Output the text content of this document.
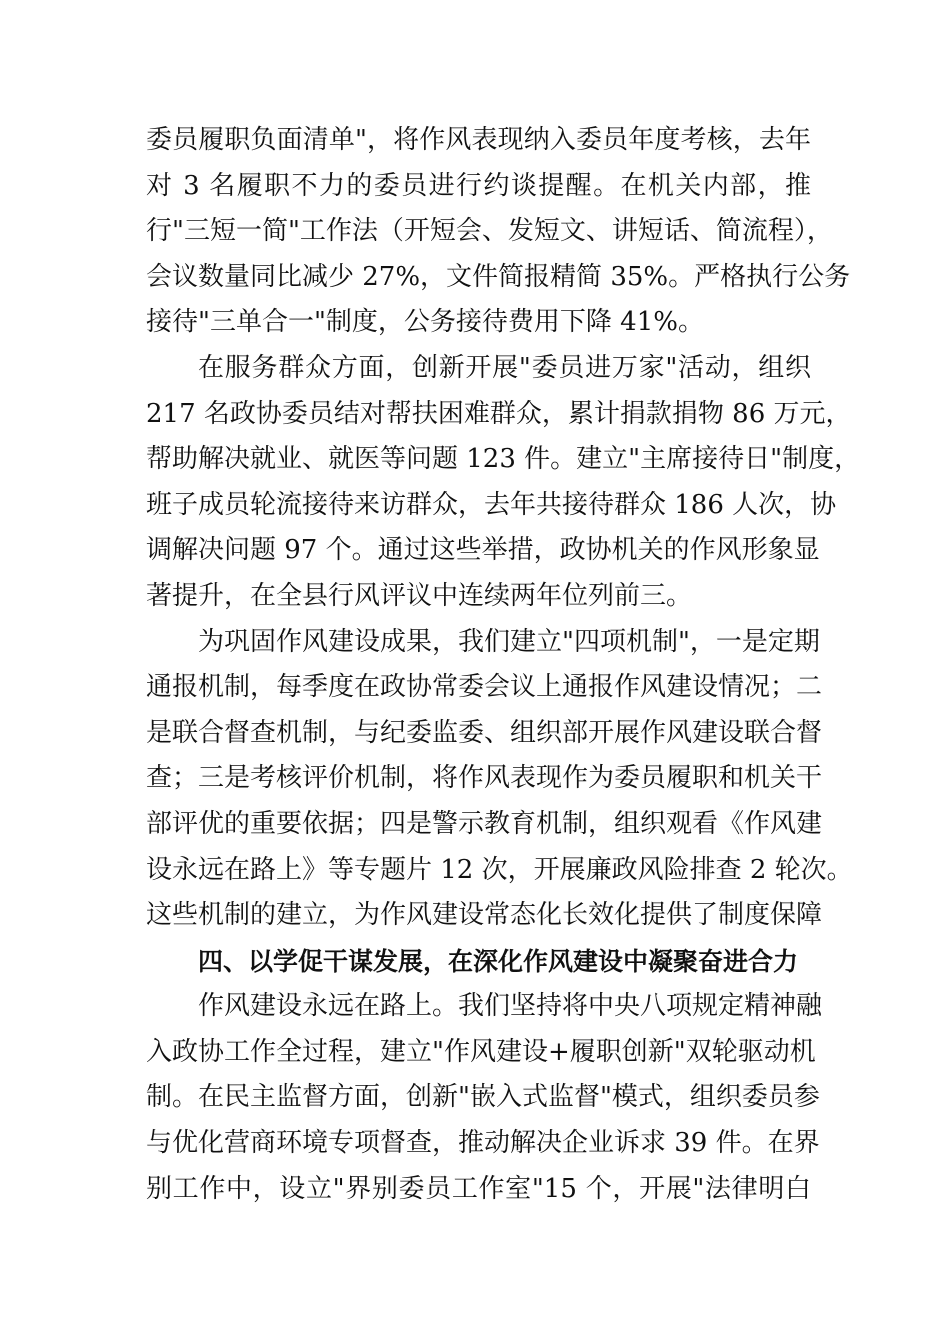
委员履职负面清单"，将作风表现纳入委员年度考核，去年
对 3 名履职不力的委员进行约谈提醒。在机关内部，推
行"三短一简"工作法（开短会、发短文、讲短话、简流程），
会议数量同比减少 27%，文件简报精简 35%。严格执行公务
接待"三单合一"制度，公务接待费用下降 41%。
在服务群众方面，创新开展"委员进万家"活动，组织
217 名政协委员结对帮扶困难群众，累计捐款捐物 86 万元，
帮助解决就业、就医等问题 123 件。建立"主席接待日"制度，
班子成员轮流接待来访群众，去年共接待群众 186 人次，协
调解决问题 97 个。通过这些举措，政协机关的作风形象显
著提升，在全县行风评议中连续两年位列前三。
为巩固作风建设成果，我们建立"四项机制"，一是定期
通报机制，每季度在政协常委会议上通报作风建设情况；二
是联合督查机制，与纪委监委、组织部开展作风建设联合督
查；三是考核评价机制，将作风表现作为委员履职和机关干
部评优的重要依据；四是警示教育机制，组织观看《作风建
设永远在路上》等专题片 12 次，开展廉政风险排查 2 轮次。
这些机制的建立，为作风建设常态化长效化提供了制度保障
四、以学促干谋发展，在深化作风建设中凝聚奋进合力
作风建设永远在路上。我们坚持将中央八项规定精神融
入政协工作全过程，建立"作风建设+履职创新"双轮驱动机
制。在民主监督方面，创新"嵌入式监督"模式，组织委员参
与优化营商环境专项督查，推动解决企业诉求 39 件。在界
别工作中，设立"界别委员工作室"15 个，开展"法律明白
